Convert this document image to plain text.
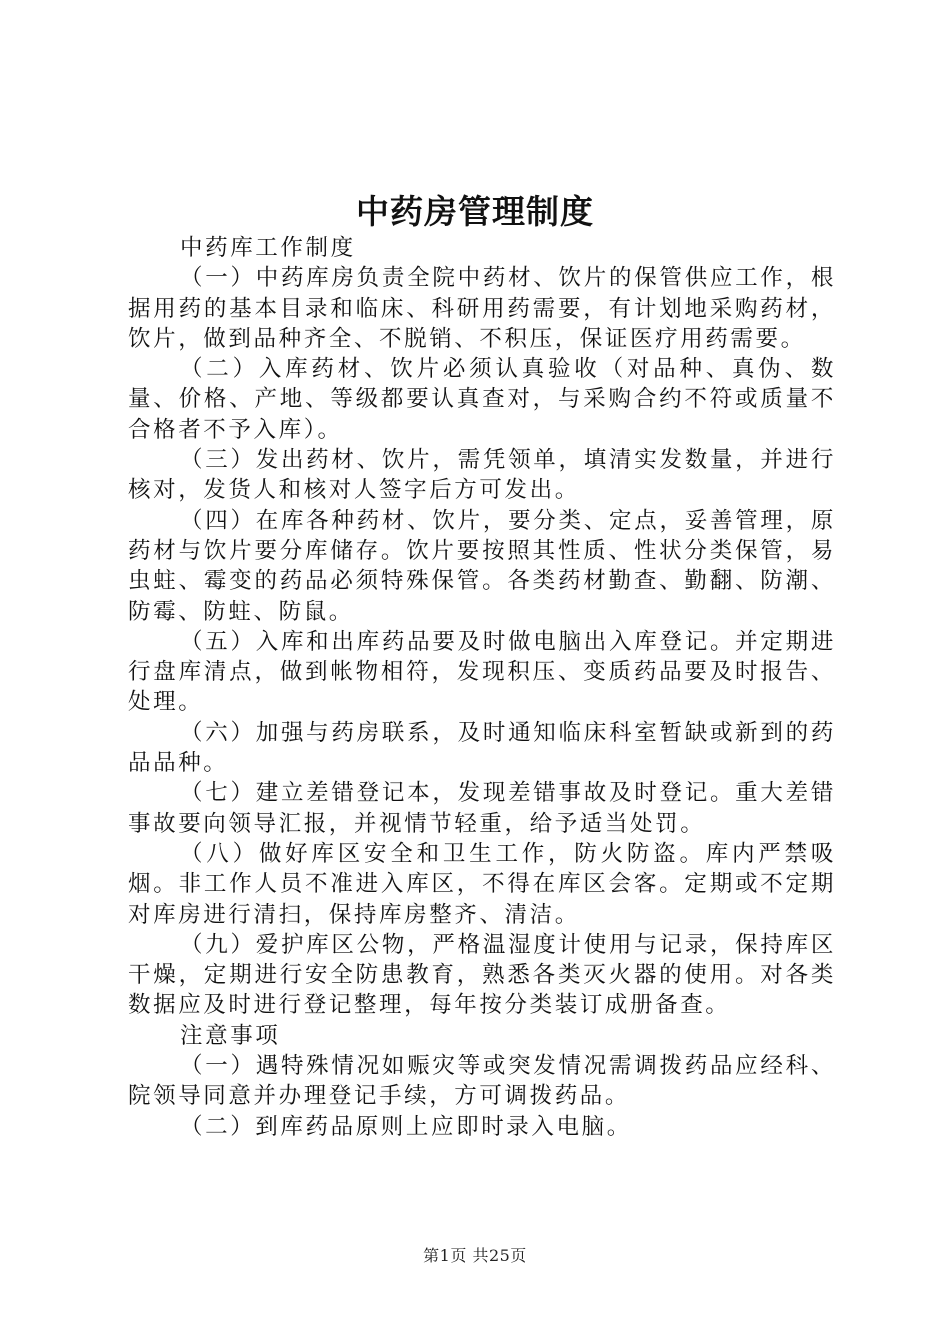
中药房管理制度

中药库工作制度

（一）中药库房负责全院中药材、饮片的保管供应工作，根据用药的基本目录和临床、科研用药需要，有计划地采购药材，饮片，做到品种齐全、不脱销、不积压，保证医疗用药需要。

（二）入库药材、饮片必须认真验收（对品种、真伪、数量、价格、产地、等级都要认真查对，与采购合约不符或质量不合格者不予入库）。

（三）发出药材、饮片，需凭领单，填清实发数量，并进行核对，发货人和核对人签字后方可发出。

（四）在库各种药材、饮片，要分类、定点，妥善管理，原药材与饮片要分库储存。饮片要按照其性质、性状分类保管，易虫蛀、霉变的药品必须特殊保管。各类药材勤查、勤翻、防潮、防霉、防蛀、防鼠。

（五）入库和出库药品要及时做电脑出入库登记。并定期进行盘库清点，做到帐物相符，发现积压、变质药品要及时报告、处理。

（六）加强与药房联系，及时通知临床科室暂缺或新到的药品品种。

（七）建立差错登记本，发现差错事故及时登记。重大差错事故要向领导汇报，并视情节轻重，给予适当处罚。

（八）做好库区安全和卫生工作，防火防盗。库内严禁吸烟。非工作人员不准进入库区，不得在库区会客。定期或不定期对库房进行清扫，保持库房整齐、清洁。

（九）爱护库区公物，严格温湿度计使用与记录，保持库区干燥，定期进行安全防患教育，熟悉各类灭火器的使用。对各类数据应及时进行登记整理，每年按分类装订成册备查。

注意事项

（一）遇特殊情况如赈灾等或突发情况需调拨药品应经科、院领导同意并办理登记手续，方可调拨药品。

（二）到库药品原则上应即时录入电脑。

第1页 共25页
